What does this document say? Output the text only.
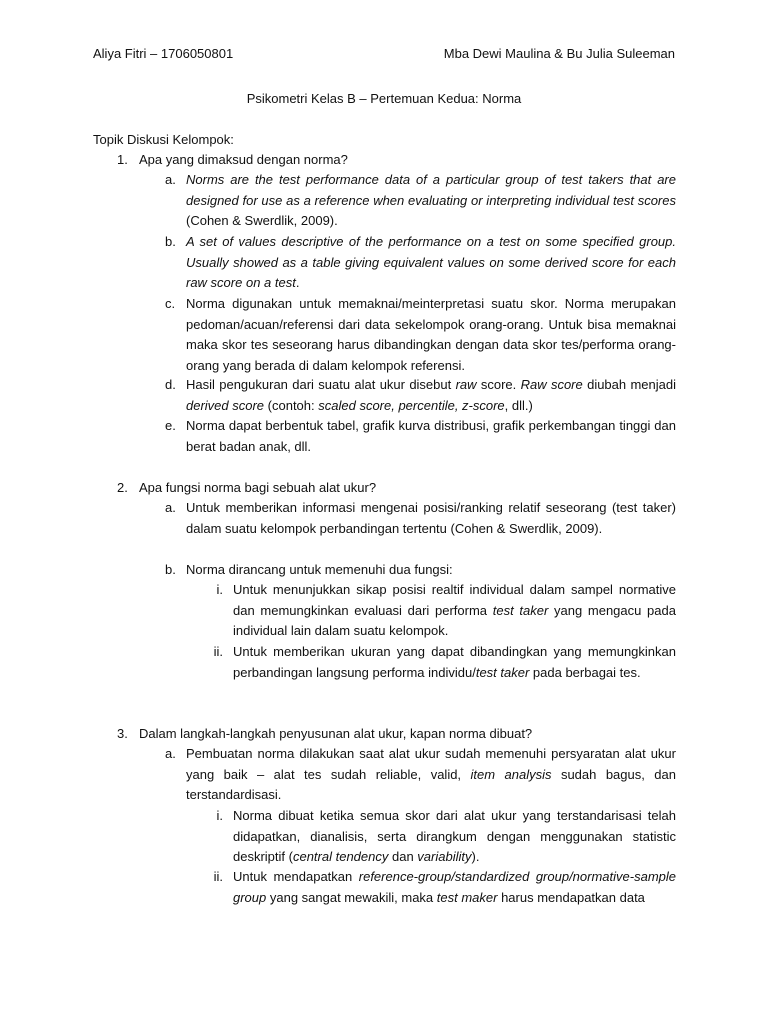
Aliya Fitri – 1706050801	Mba Dewi Maulina & Bu Julia Suleeman
Psikometri Kelas B – Pertemuan Kedua: Norma
Topik Diskusi Kelompok:
1. Apa yang dimaksud dengan norma?
a. Norms are the test performance data of a particular group of test takers that are designed for use as a reference when evaluating or interpreting individual test scores (Cohen & Swerdlik, 2009).
b. A set of values descriptive of the performance on a test on some specified group. Usually showed as a table giving equivalent values on some derived score for each raw score on a test.
c. Norma digunakan untuk memaknai/meinterpretasi suatu skor. Norma merupakan pedoman/acuan/referensi dari data sekelompok orang-orang. Untuk bisa memaknai maka skor tes seseorang harus dibandingkan dengan data skor tes/performa orang-orang yang berada di dalam kelompok referensi.
d. Hasil pengukuran dari suatu alat ukur disebut raw score. Raw score diubah menjadi derived score (contoh: scaled score, percentile, z-score, dll.)
e. Norma dapat berbentuk tabel, grafik kurva distribusi, grafik perkembangan tinggi dan berat badan anak, dll.
2. Apa fungsi norma bagi sebuah alat ukur?
a. Untuk memberikan informasi mengenai posisi/ranking relatif seseorang (test taker) dalam suatu kelompok perbandingan tertentu (Cohen & Swerdlik, 2009).
b. Norma dirancang untuk memenuhi dua fungsi:
i. Untuk menunjukkan sikap posisi realtif individual dalam sampel normative dan memungkinkan evaluasi dari performa test taker yang mengacu pada individual lain dalam suatu kelompok.
ii. Untuk memberikan ukuran yang dapat dibandingkan yang memungkinkan perbandingan langsung performa individu/test taker pada berbagai tes.
3. Dalam langkah-langkah penyusunan alat ukur, kapan norma dibuat?
a. Pembuatan norma dilakukan saat alat ukur sudah memenuhi persyaratan alat ukur yang baik – alat tes sudah reliable, valid, item analysis sudah bagus, dan terstandardisasi.
i. Norma dibuat ketika semua skor dari alat ukur yang terstandarisasi telah didapatkan, dianalisis, serta dirangkum dengan menggunakan statistic deskriptif (central tendency dan variability).
ii. Untuk mendapatkan reference-group/standardized group/normative-sample group yang sangat mewakili, maka test maker harus mendapatkan data
